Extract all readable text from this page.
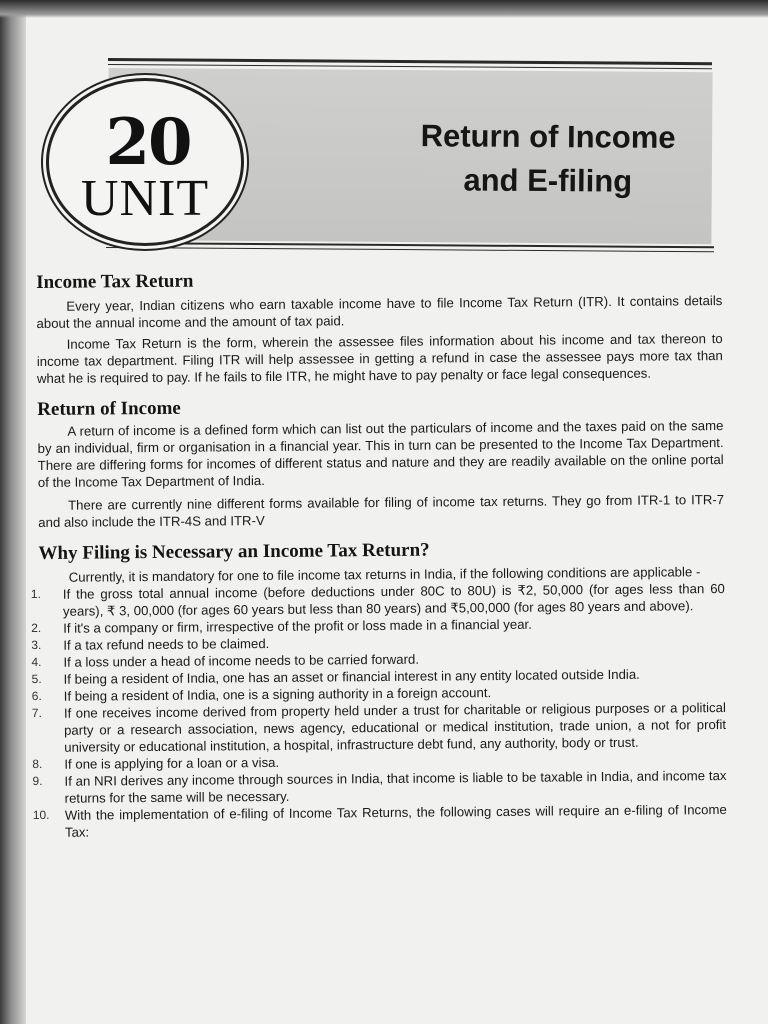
Return of Income
and E-filing
20
UNIT
Income Tax Return

Every year, Indian citizens who earn taxable income have to file Income Tax Return (ITR). It contains details about the annual income and the amount of tax paid.

Income Tax Return is the form, wherein the assessee files information about his income and tax thereon to income tax department. Filing ITR will help assessee in getting a refund in case the assessee pays more tax than what he is required to pay. If he fails to file ITR, he might have to pay penalty or face legal consequences.

Return of Income

A return of income is a defined form which can list out the particulars of income and the taxes paid on the same by an individual, firm or organisation in a financial year. This in turn can be presented to the Income Tax Department. There are differing forms for incomes of different status and nature and they are readily available on the online portal of the Income Tax Department of India.

There are currently nine different forms available for filing of income tax returns. They go from ITR-1 to ITR-7 and also include the ITR-4S and ITR-V

Why Filing is Necessary an Income Tax Return?

Currently, it is mandatory for one to file income tax returns in India, if the following conditions are applicable -

1.	If the gross total annual income (before deductions under 80C to 80U) is ₹2, 50,000 (for ages less than 60 years), ₹ 3, 00,000 (for ages 60 years but less than 80 years) and ₹5,00,000 (for ages 80 years and above).
2.	If it's a company or firm, irrespective of the profit or loss made in a financial year.
3.	If a tax refund needs to be claimed.
4.	If a loss under a head of income needs to be carried forward.
5.	If being a resident of India, one has an asset or financial interest in any entity located outside India.
6.	If being a resident of India, one is a signing authority in a foreign account.
7.	If one receives income derived from property held under a trust for charitable or religious purposes or a political party or a research association, news agency, educational or medical institution, trade union, a not for profit university or educational institution, a hospital, infrastructure debt fund, any authority, body or trust.
8.	If one is applying for a loan or a visa.
9.	If an NRI derives any income through sources in India, that income is liable to be taxable in India, and income tax returns for the same will be necessary.
10.	With the implementation of e-filing of Income Tax Returns, the following cases will require an e-filing of Income Tax:
